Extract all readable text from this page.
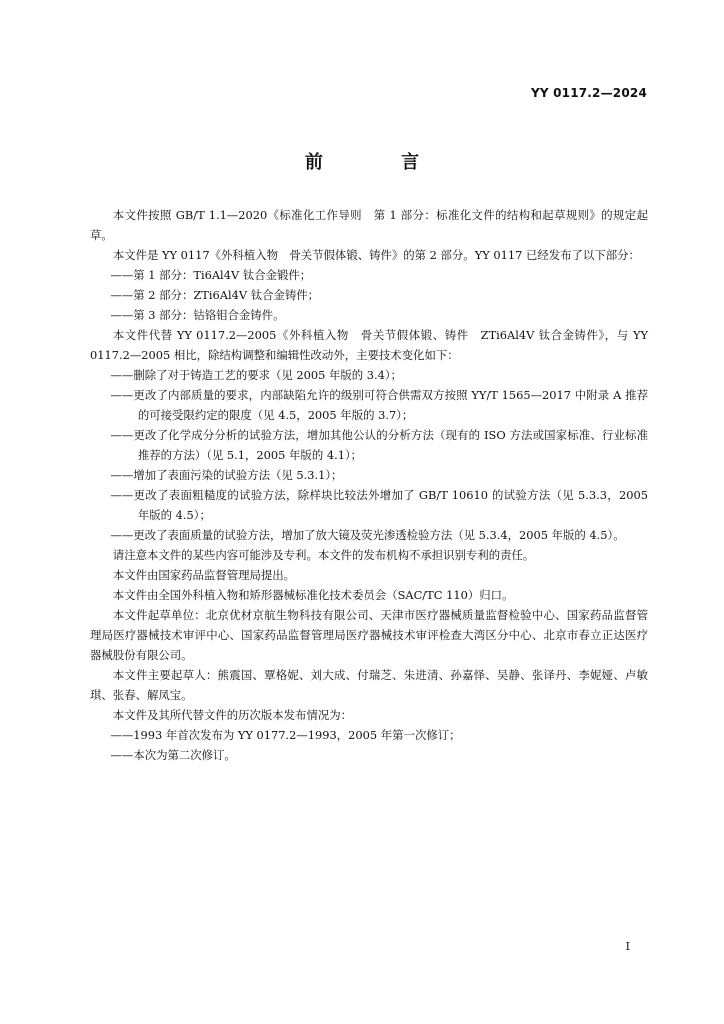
YY 0117.2—2024
前 言

本文件按照 GB/T 1.1—2020《标准化工作导则　第 1 部分：标准化文件的结构和起草规则》的规定起草。

本文件是 YY 0117《外科植入物　骨关节假体锻、铸件》的第 2 部分。YY 0117 已经发布了以下部分：

——第 1 部分：Ti6Al4V 钛合金锻件；

——第 2 部分：ZTi6Al4V 钛合金铸件；

——第 3 部分：钴铬钼合金铸件。

本文件代替 YY 0117.2—2005《外科植入物　骨关节假体锻、铸件　ZTi6Al4V 钛合金铸件》，与 YY 0117.2—2005 相比，除结构调整和编辑性改动外，主要技术变化如下：

——删除了对于铸造工艺的要求（见 2005 年版的 3.4）；

——更改了内部质量的要求，内部缺陷允许的级别可符合供需双方按照 YY/T 1565—2017 中附录 A 推荐的可接受限约定的限度（见 4.5，2005 年版的 3.7）；

——更改了化学成分分析的试验方法，增加其他公认的分析方法（现有的 ISO 方法或国家标准、行业标准推荐的方法）（见 5.1，2005 年版的 4.1）；

——增加了表面污染的试验方法（见 5.3.1）；

——更改了表面粗糙度的试验方法，除样块比较法外增加了 GB/T 10610 的试验方法（见 5.3.3，2005 年版的 4.5）；

——更改了表面质量的试验方法，增加了放大镜及荧光渗透检验方法（见 5.3.4，2005 年版的 4.5）。

请注意本文件的某些内容可能涉及专利。本文件的发布机构不承担识别专利的责任。

本文件由国家药品监督管理局提出。

本文件由全国外科植入物和矫形器械标准化技术委员会（SAC/TC 110）归口。

本文件起草单位：北京优材京航生物科技有限公司、天津市医疗器械质量监督检验中心、国家药品监督管理局医疗器械技术审评中心、国家药品监督管理局医疗器械技术审评检查大湾区分中心、北京市春立正达医疗器械股份有限公司。

本文件主要起草人：熊震国、覃格妮、刘大成、付瑞芝、朱进清、孙嘉怿、吴静、张译丹、李妮娅、卢敏琪、张春、解凤宝。

本文件及其所代替文件的历次版本发布情况为：

——1993 年首次发布为 YY 0177.2—1993，2005 年第一次修订；

——本次为第二次修订。

I
